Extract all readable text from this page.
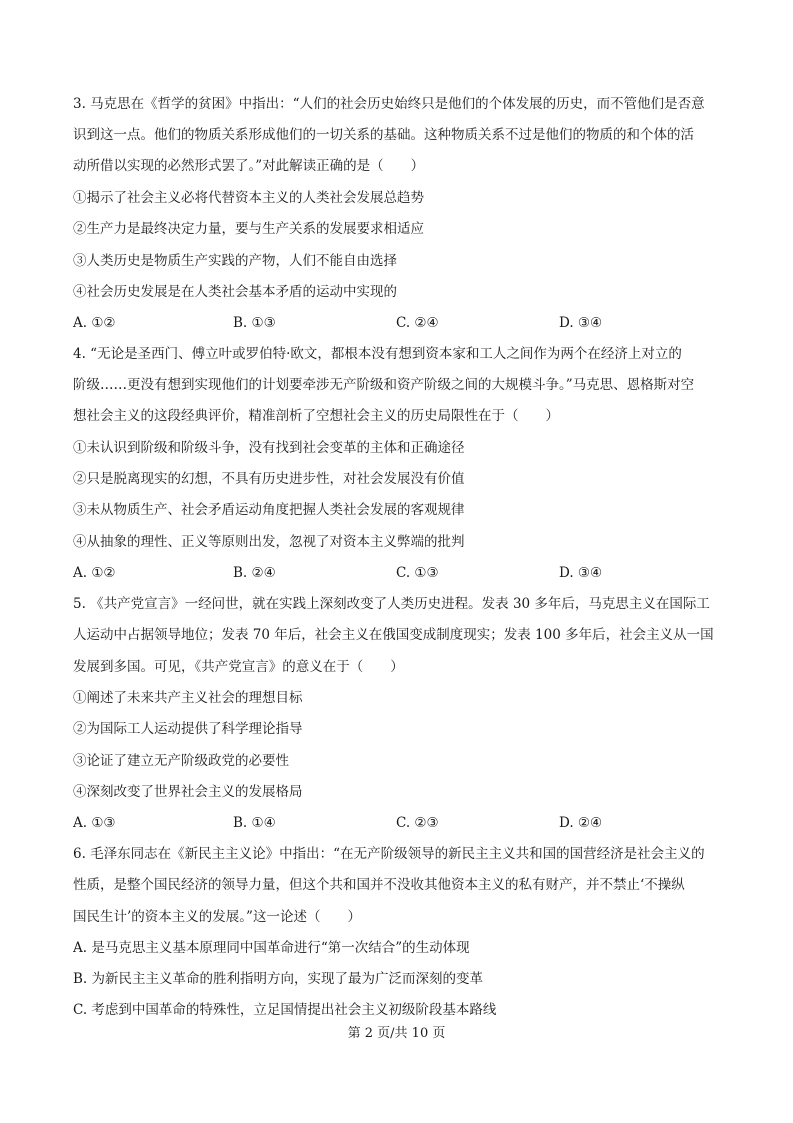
3. 马克思在《哲学的贫困》中指出：“人们的社会历史始终只是他们的个体发展的历史，而不管他们是否意
识到这一点。他们的物质关系形成他们的一切关系的基础。这种物质关系不过是他们的物质的和个体的活
动所借以实现的必然形式罢了。”对此解读正确的是（　　）
①揭示了社会主义必将代替资本主义的人类社会发展总趋势
②生产力是最终决定力量，要与生产关系的发展要求相适应
③人类历史是物质生产实践的产物，人们不能自由选择
④社会历史发展是在人类社会基本矛盾的运动中实现的
A. ①②	B. ①③	C. ②④	D. ③④
4. “无论是圣西门、傅立叶或罗伯特·欧文，都根本没有想到资本家和工人之间作为两个在经济上对立的
阶级……更没有想到实现他们的计划要牵涉无产阶级和资产阶级之间的大规模斗争。”马克思、恩格斯对空
想社会主义的这段经典评价，精准剖析了空想社会主义的历史局限性在于（　　）
①未认识到阶级和阶级斗争，没有找到社会变革的主体和正确途径
②只是脱离现实的幻想，不具有历史进步性，对社会发展没有价值
③未从物质生产、社会矛盾运动角度把握人类社会发展的客观规律
④从抽象的理性、正义等原则出发，忽视了对资本主义弊端的批判
A. ①②	B. ②④	C. ①③	D. ③④
5. 《共产党宣言》一经问世，就在实践上深刻改变了人类历史进程。发表 30 多年后，马克思主义在国际工
人运动中占据领导地位；发表 70 年后，社会主义在俄国变成制度现实；发表 100 多年后，社会主义从一国
发展到多国。可见，《共产党宣言》的意义在于（　　）
①阐述了未来共产主义社会的理想目标
②为国际工人运动提供了科学理论指导
③论证了建立无产阶级政党的必要性
④深刻改变了世界社会主义的发展格局
A. ①③	B. ①④	C. ②③	D. ②④
6. 毛泽东同志在《新民主主义论》中指出：“在无产阶级领导的新民主主义共和国的国营经济是社会主义的
性质，是整个国民经济的领导力量，但这个共和国并不没收其他资本主义的私有财产，并不禁止‘不操纵
国民生计’的资本主义的发展。”这一论述（　　）
A. 是马克思主义基本原理同中国革命进行“第一次结合”的生动体现
B. 为新民主主义革命的胜利指明方向，实现了最为广泛而深刻的变革
C. 考虑到中国革命的特殊性，立足国情提出社会主义初级阶段基本路线
第 2 页/共 10 页
